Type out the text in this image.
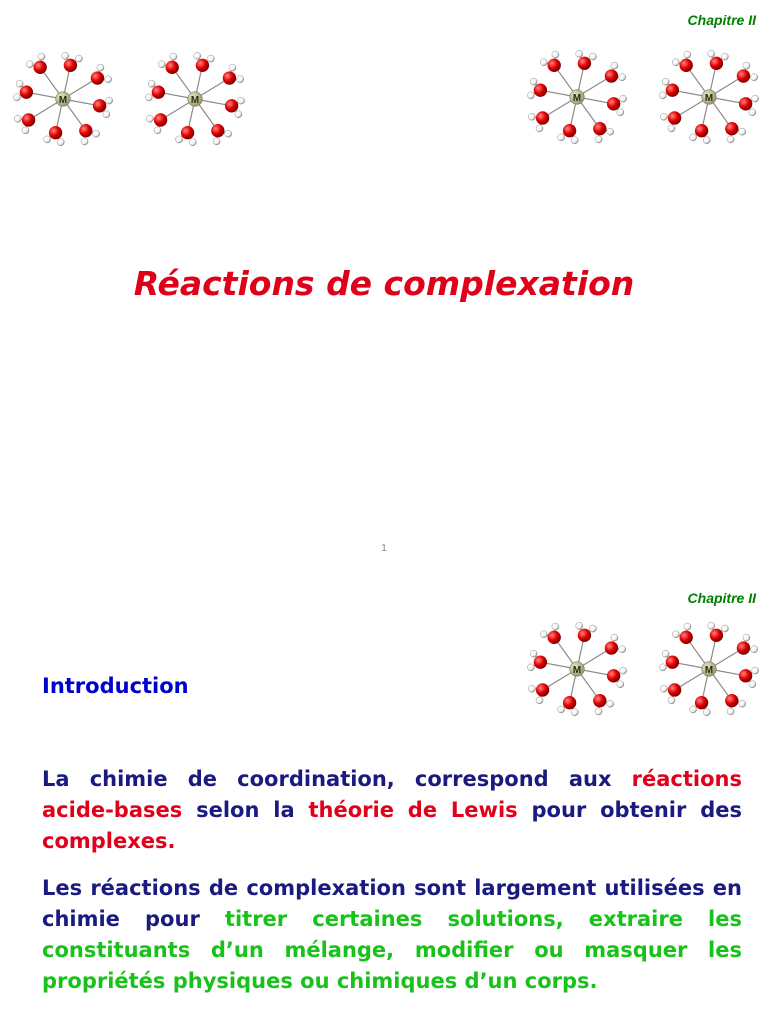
Chapitre II
M	M	M	M
Réactions de complexation
1
Chapitre II
M	M
Introduction

La chimie de coordination, correspond aux réactions acide-bases selon la théorie de Lewis pour obtenir des complexes.

Les réactions de complexation sont largement utilisées en chimie pour titrer certaines solutions, extraire les constituants d’un mélange, modifier ou masquer les propriétés physiques ou chimiques d’un corps.
